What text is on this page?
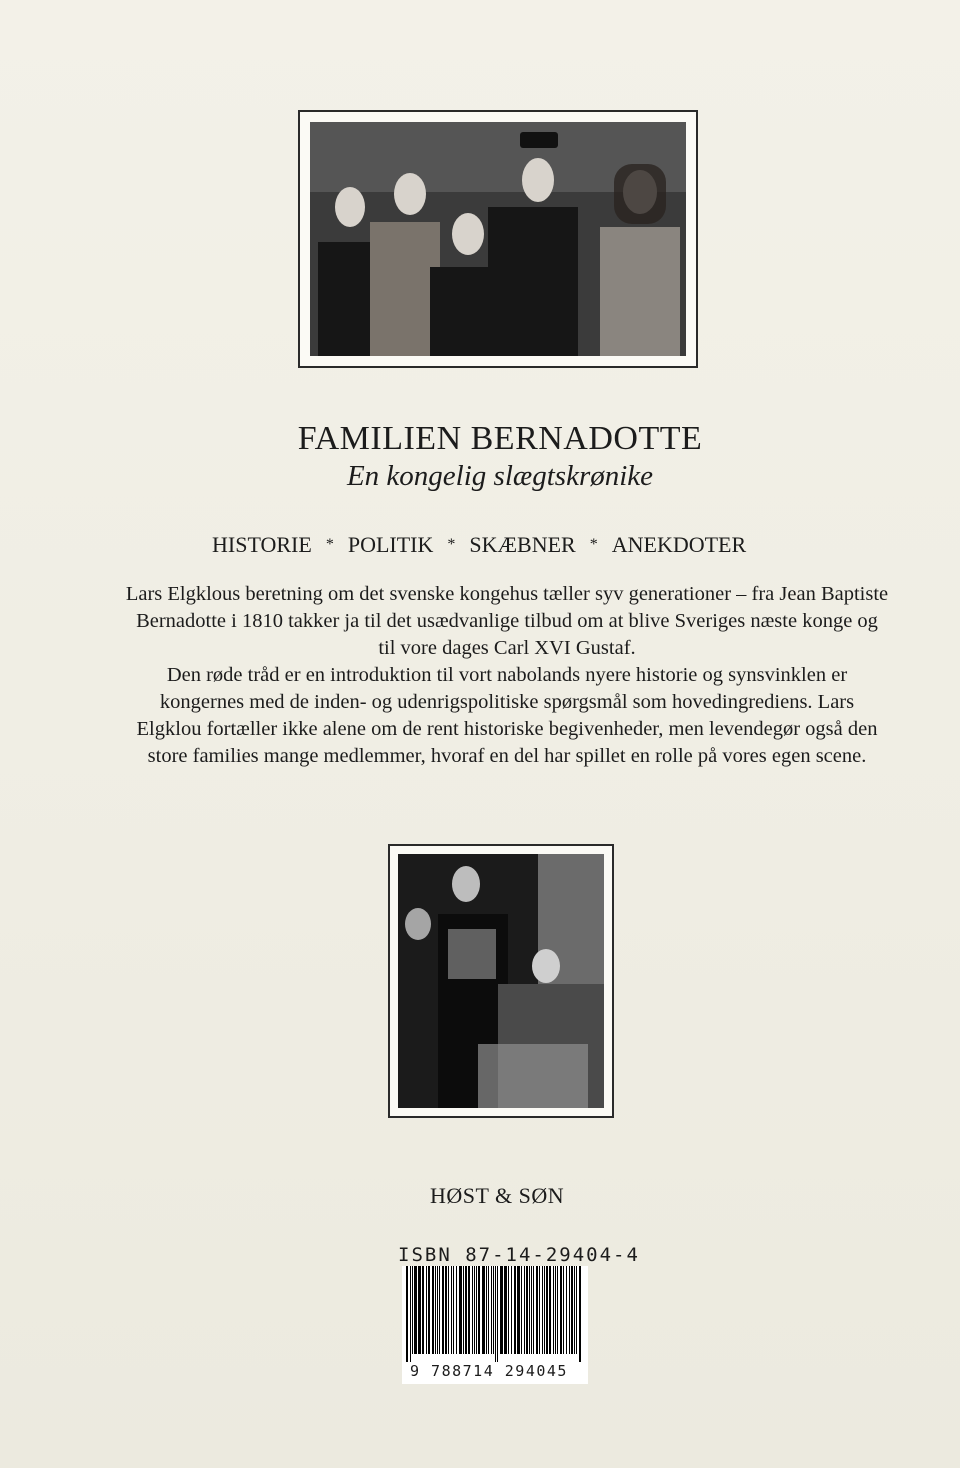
FAMILIEN BERNADOTTE
En kongelig slægtskrønike
HISTORIE * POLITIK * SKÆBNER * ANEKDOTER

Lars Elgklous beretning om det svenske kongehus tæller syv generationer – fra Jean Baptiste
Bernadotte i 1810 takker ja til det usædvanlige tilbud om at blive Sveriges næste konge og
til vore dages Carl XVI Gustaf.

Den røde tråd er en introduktion til vort nabolands nyere historie og synsvinklen er
kongernes med de inden- og udenrigspolitiske spørgsmål som hovedingrediens. Lars
Elgklou fortæller ikke alene om de rent historiske begivenheder, men levendegør også den
store families mange medlemmer, hvoraf en del har spillet en rolle på vores egen scene.

HØST & SØN
ISBN 87-14-29404-4
9 788714 294045
